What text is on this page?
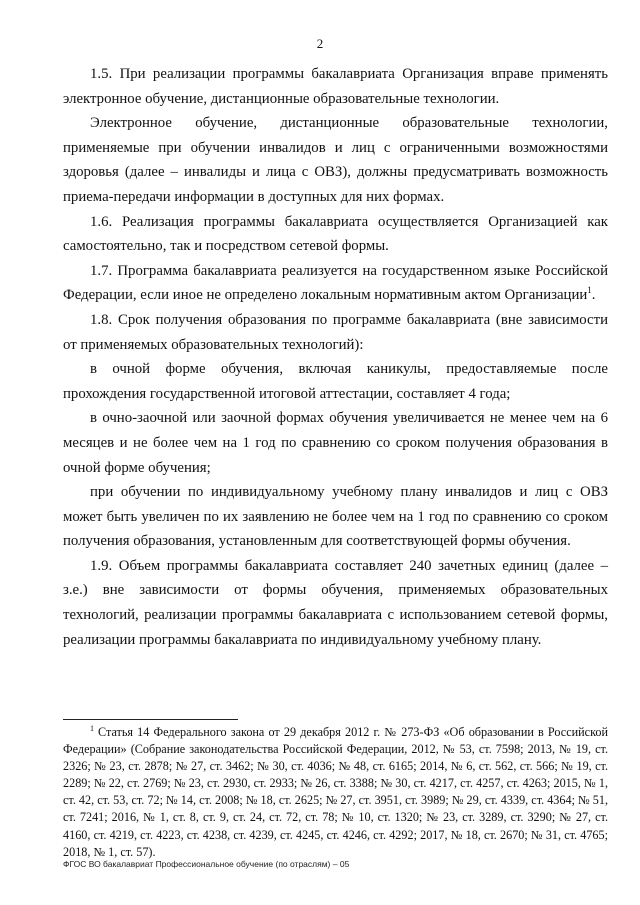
2

1.5. При реализации программы бакалавриата Организация вправе применять электронное обучение, дистанционные образовательные технологии.

Электронное обучение, дистанционные образовательные технологии, применяемые при обучении инвалидов и лиц с ограниченными возможностями здоровья (далее – инвалиды и лица с ОВЗ), должны предусматривать возможность приема-передачи информации в доступных для них формах.

1.6. Реализация программы бакалавриата осуществляется Организацией как самостоятельно, так и посредством сетевой формы.

1.7. Программа бакалавриата реализуется на государственном языке Российской Федерации, если иное не определено локальным нормативным актом Организации$^1$.

1.8. Срок получения образования по программе бакалавриата (вне зависимости от применяемых образовательных технологий):

в очной форме обучения, включая каникулы, предоставляемые после прохождения государственной итоговой аттестации, составляет 4 года;

в очно-заочной или заочной формах обучения увеличивается не менее чем на 6 месяцев и не более чем на 1 год по сравнению со сроком получения образования в очной форме обучения;

при обучении по индивидуальному учебному плану инвалидов и лиц с ОВЗ может быть увеличен по их заявлению не более чем на 1 год по сравнению со сроком получения образования, установленным для соответствующей формы обучения.

1.9. Объем программы бакалавриата составляет 240 зачетных единиц (далее – з.е.) вне зависимости от формы обучения, применяемых образовательных технологий, реализации программы бакалавриата с использованием сетевой формы, реализации программы бакалавриата по индивидуальному учебному плану.

$^1$ Статья 14 Федерального закона от 29 декабря 2012 г. № 273-ФЗ «Об образовании в Российской Федерации» (Собрание законодательства Российской Федерации, 2012, № 53, ст. 7598; 2013, № 19, ст. 2326; № 23, ст. 2878; № 27, ст. 3462; № 30, ст. 4036; № 48, ст. 6165; 2014, № 6, ст. 562, ст. 566; № 19, ст. 2289; № 22, ст. 2769; № 23, ст. 2930, ст. 2933; № 26, ст. 3388; № 30, ст. 4217, ст. 4257, ст. 4263; 2015, № 1, ст. 42, ст. 53, ст. 72; № 14, ст. 2008; № 18, ст. 2625; № 27, ст. 3951, ст. 3989; № 29, ст. 4339, ст. 4364; № 51, ст. 7241; 2016, № 1, ст. 8, ст. 9, ст. 24, ст. 72, ст. 78; № 10, ст. 1320; № 23, ст. 3289, ст. 3290; № 27, ст. 4160, ст. 4219, ст. 4223, ст. 4238, ст. 4239, ст. 4245, ст. 4246, ст. 4292; 2017, № 18, ст. 2670; № 31, ст. 4765; 2018, № 1, ст. 57).
ФГОС ВО бакалавриат Профессиональное обучение (по отраслям) – 05
